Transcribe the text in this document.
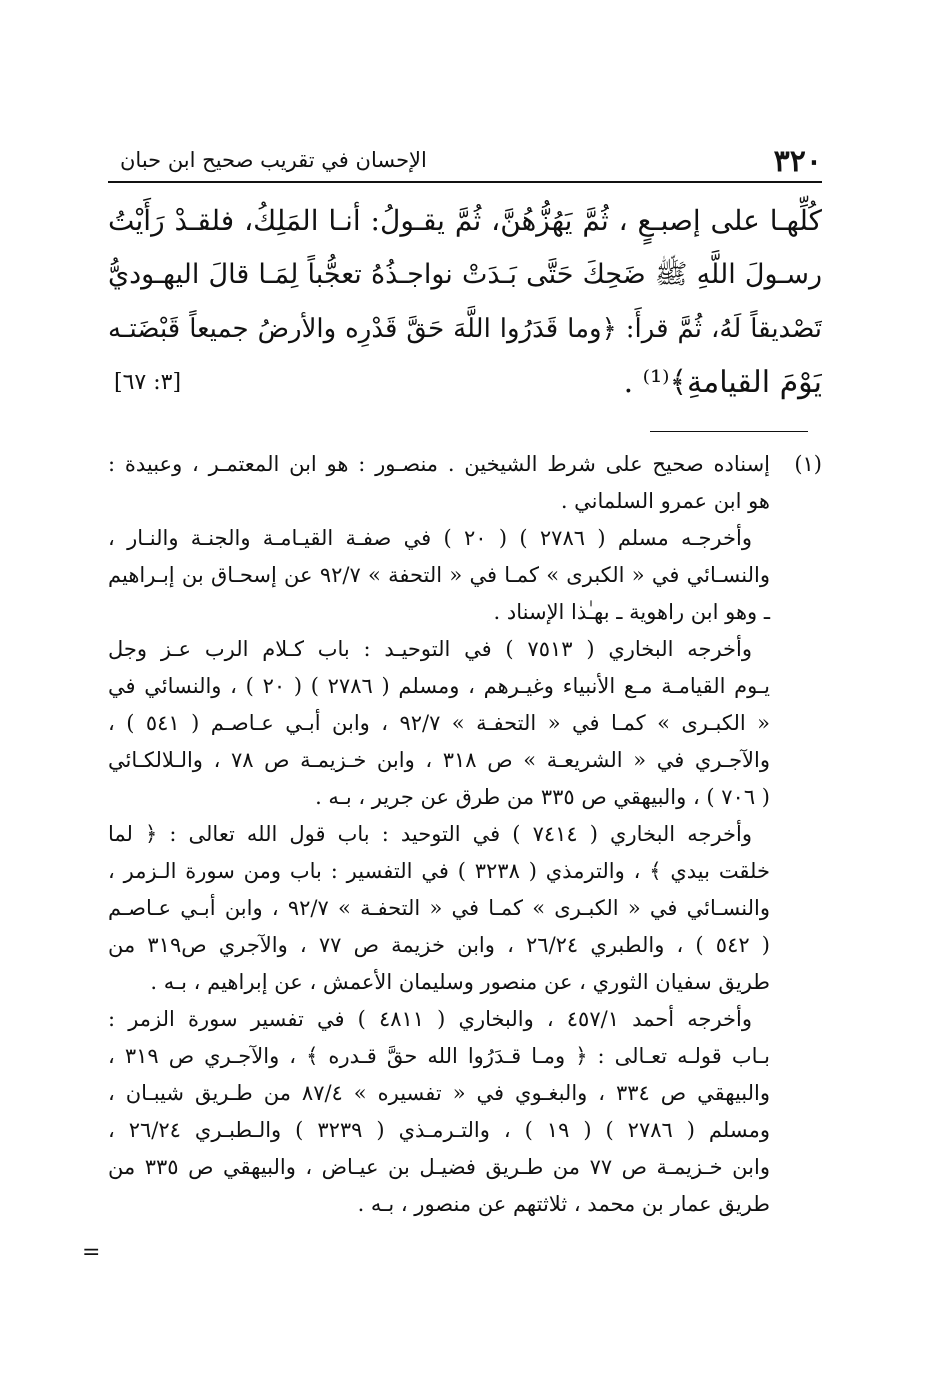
٣٢٠
الإحسان في تقريب صحيح ابن حبان
كُلِّهـا على إصبـعٍ ، ثُمَّ يَهُزُّهُنَّ، ثُمَّ يقـولُ: أنـا المَلِكُ، فلقـدْ رَأَيْتُ
رسـولَ اللَّهِ ﷺ ضَحِكَ حَتَّى بَـدَتْ نواجـذُهُ تعجُّباً لِمَـا قالَ اليهـوديُّ
تَصْديقاً لَهُ، ثُمَّ قرأَ: ﴿وما قَدَرُوا اللَّهَ حَقَّ قَدْرِه والأرضُ جميعاً قَبْضَتـه
يَوْمَ القيامةِ﴾⁽¹⁾ .
[٣: ٦٧]
(١)إسناده صحيح على شرط الشيخين . منصـور : هو ابن المعتمـر ، وعبيدة :
هو ابن عمرو السلماني .
وأخرجـه مسلم ( ٢٧٨٦ ) ( ٢٠ ) في صفـة القيـامـة والجنـة والنـار ،
والنسـائي في « الكبرى » كمـا في « التحفة » ٩٢/٧ عن إسحـاق بن إبـراهيم
ـ وهو ابن راهوية ـ بهـٰذا الإسناد .
وأخرجه البخاري ( ٧٥١٣ ) في التوحيـد : باب كـلام الرب عـز وجل
يـوم القيامـة مـع الأنبياء وغيـرهم ، ومسلم ( ٢٧٨٦ ) ( ٢٠ ) ، والنسائي في
« الكبـرى » كمـا في « التحفـة » ٩٢/٧ ، وابن أبـي عـاصـم ( ٥٤١ ) ،
والآجـري في « الشريعـة » ص ٣١٨ ، وابن خـزيمـة ص ٧٨ ، والـلالكـائي
( ٧٠٦ ) ، والبيهقي ص ٣٣٥ من طرق عن جرير ، بـه .
وأخرجه البخاري ( ٧٤١٤ ) في التوحيد : باب قول الله تعالى : ﴿ لما
خلقت بيدي ﴾ ، والترمذي ( ٣٢٣٨ ) في التفسير : باب ومن سورة الـزمر ،
والنسـائي في « الكبـرى » كمـا في « التحفـة » ٩٢/٧ ، وابن أبـي عـاصـم
( ٥٤٢ ) ، والطبري ٢٦/٢٤ ، وابن خزيمة ص ٧٧ ، والآجري ص٣١٩ من
طريق سفيان الثوري ، عن منصور وسليمان الأعمش ، عن إبراهيم ، بـه .
وأخرجه أحمد ٤٥٧/١ ، والبخاري ( ٤٨١١ ) في تفسير سورة الزمر :
بـاب قولـه تعـالى : ﴿ ومـا قـدَرُوا الله حقَّ قـدره ﴾ ، والآجـري ص ٣١٩ ،
والبيهقي ص ٣٣٤ ، والبغـوي في « تفسيره » ٨٧/٤ من طـريق شيبـان ،
ومسلم ( ٢٧٨٦ ) ( ١٩ ) ، والتـرمـذي ( ٣٢٣٩ ) والـطبـري ٢٦/٢٤ ،
وابن خـزيمـة ص ٧٧ من طـريق فضيـل بن عيـاض ، والبيهقي ص ٣٣٥ من
طريق عمار بن محمد ، ثلاثتهم عن منصور ، بـه .
=
